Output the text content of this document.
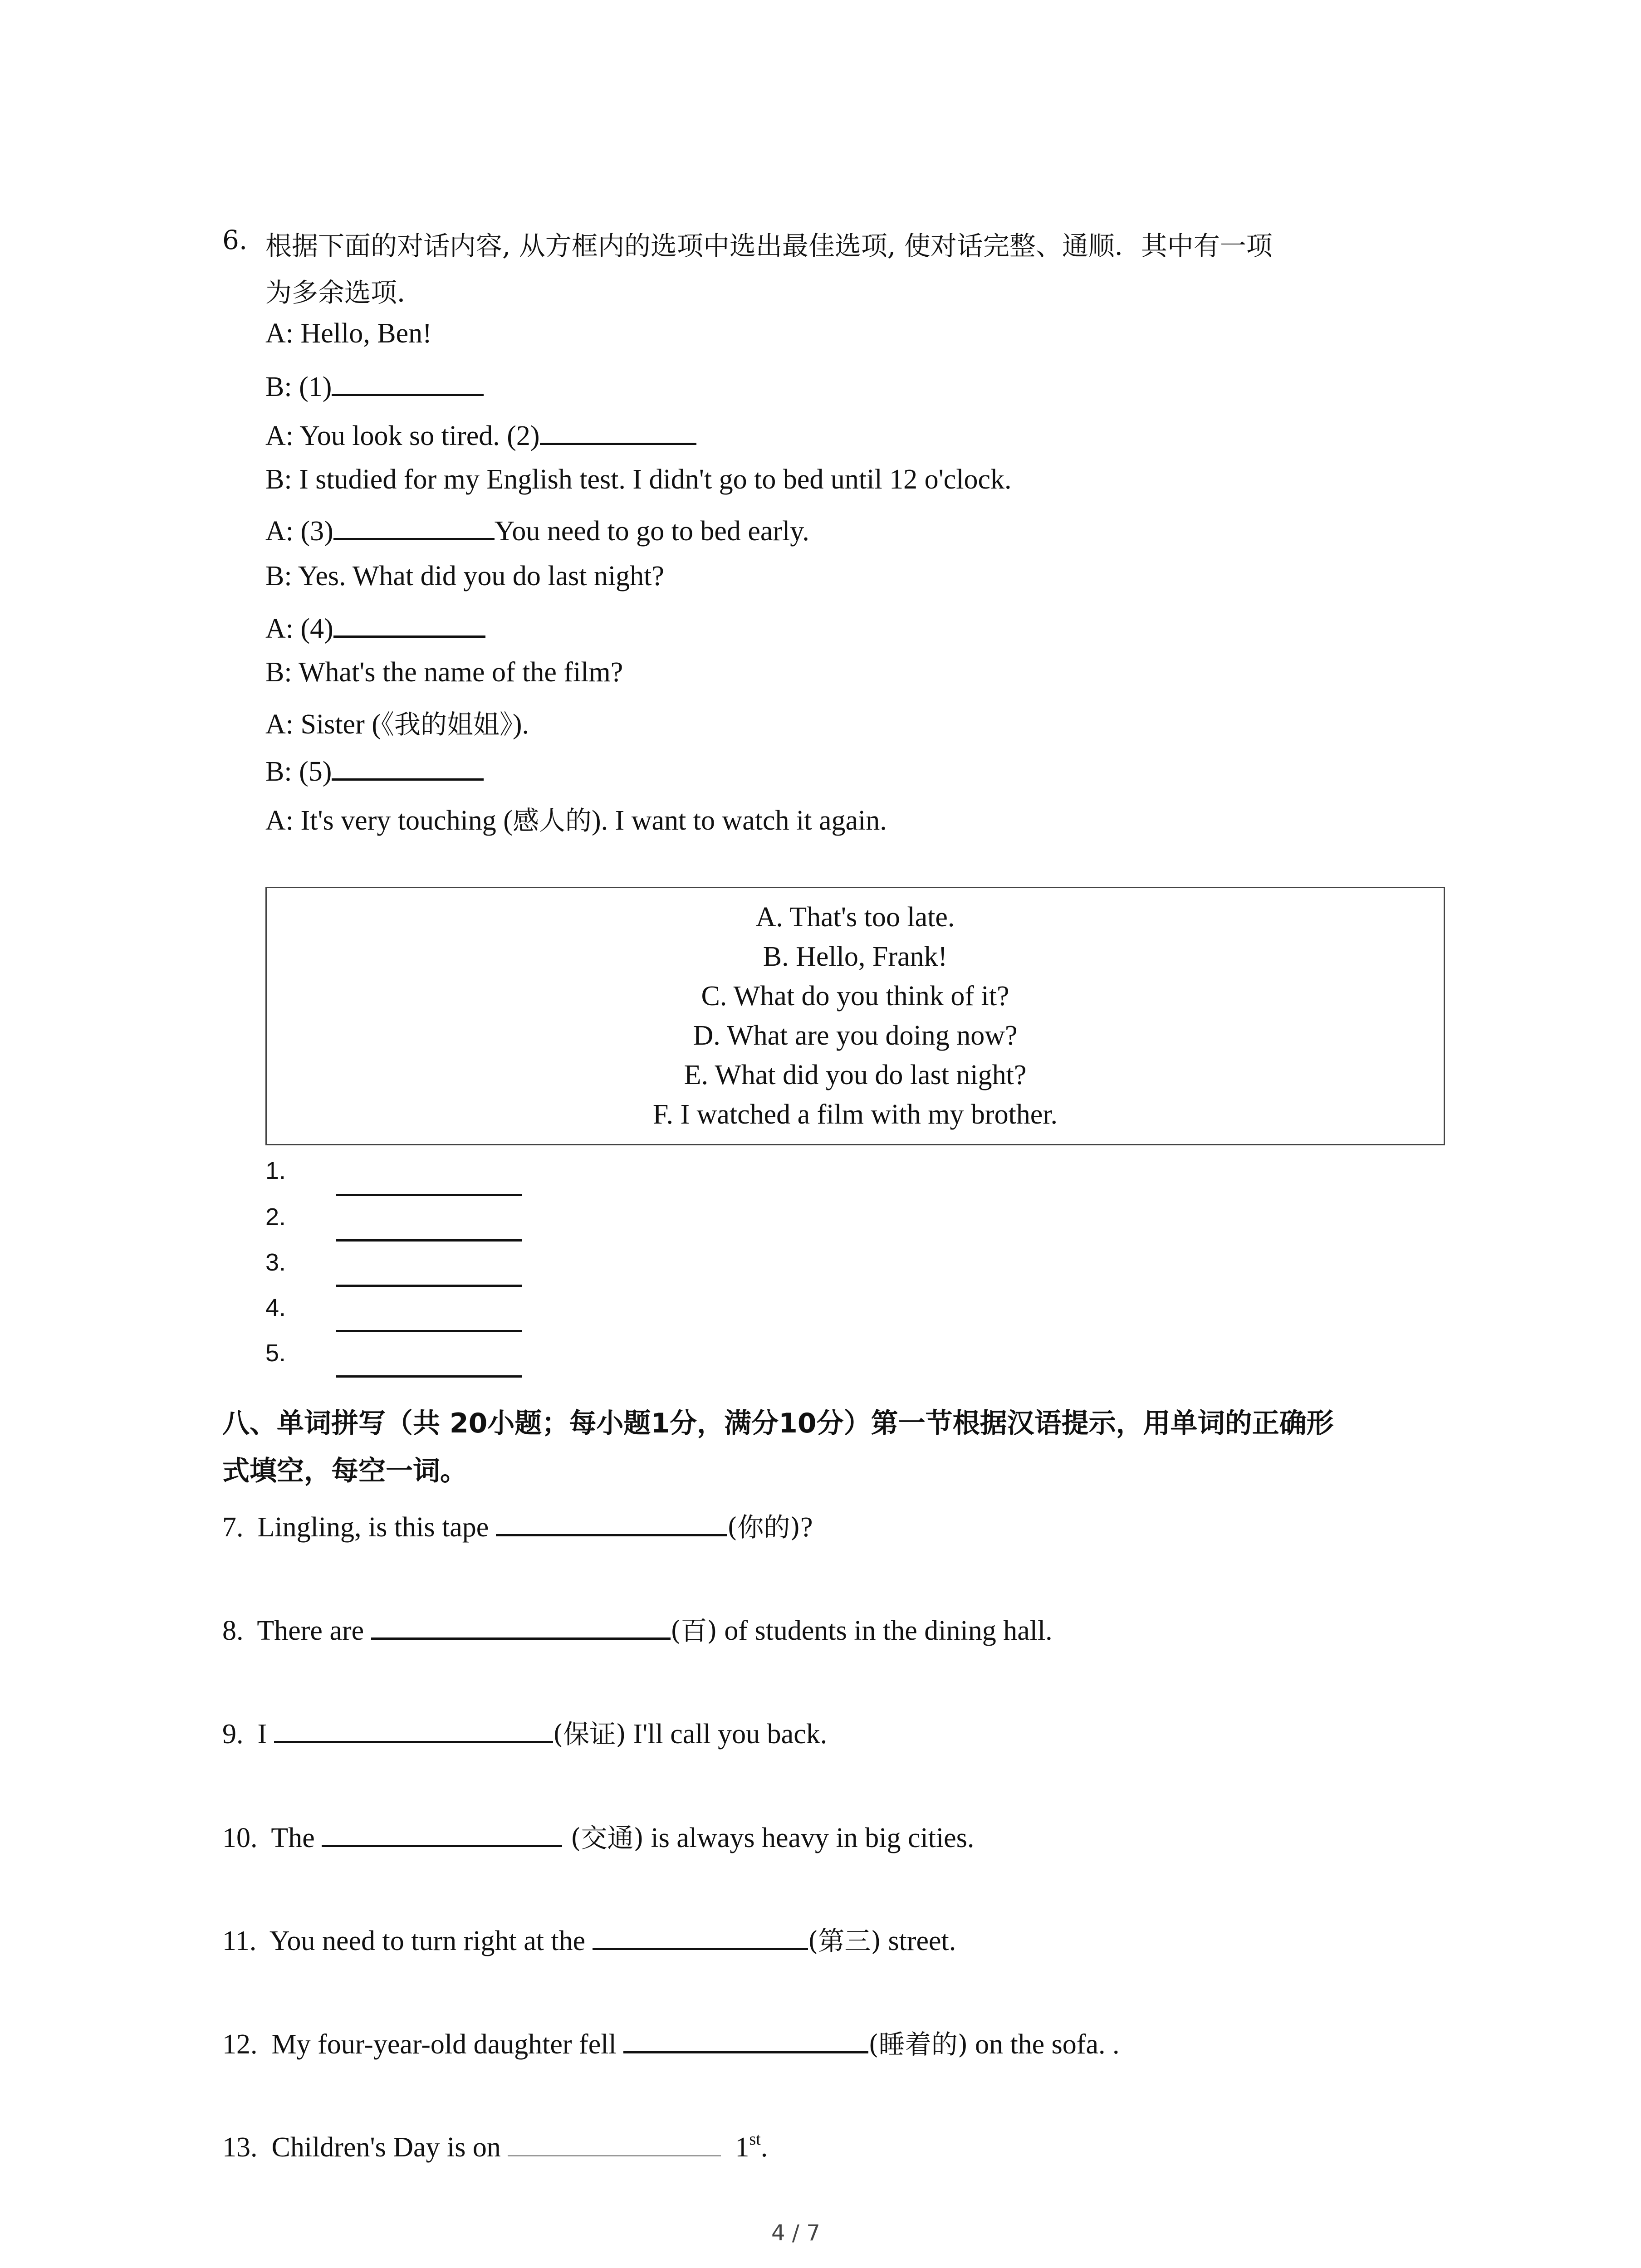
6. 根据下面的对话内容, 从方框内的选项中选出最佳选项, 使对话完整、通顺．其中有一项
为多余选项．
A: Hello, Ben!
B: (1)
A: You look so tired. (2)
B: I studied for my English test. I didn't go to bed until 12 o'clock.
A: (3)	You need to go to bed early.
B: Yes. What did you do last night?
A: (4)
B: What's the name of the film?
A: Sister (《我的姐姐》).
B: (5)
A: It's very touching (感人的). I want to watch it again.
A. That's too late.
B. Hello, Frank!
C. What do you think of it?
D. What are you doing now?
E. What did you do last night?
F. I watched a film with my brother.
1.
2.
3.
4.
5.
八、单词拼写（共 20小题；每小题1分，满分10分）第一节根据汉语提示，用单词的正确形
式填空，每空一词。
7. Lingling, is this tape	(你的)?
8. There are	(百) of students in the dining hall.
9. I	(保证) I'll call you back.
10. The	(交通) is always heavy in big cities.
11. You need to turn right at the	(第三) street.
12. My four-year-old daughter fell	(睡着的) on the sofa. .
13. Children's Day is on	1st.
4 / 7
